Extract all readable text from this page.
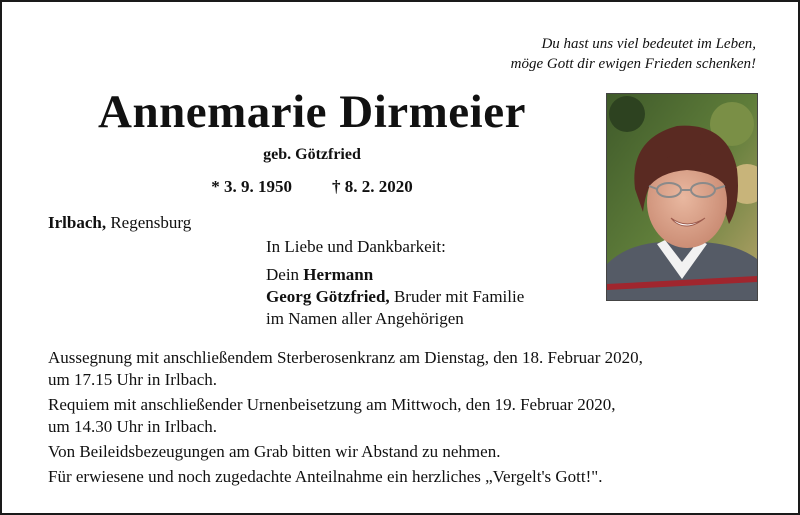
Du hast uns viel bedeutet im Leben,
möge Gott dir ewigen Frieden schenken!
Annemarie Dirmeier
geb. Götzfried
* 3. 9. 1950 † 8. 2. 2020
Irlbach, Regensburg
In Liebe und Dankbarkeit:
Dein Hermann
Georg Götzfried, Bruder mit Familie
im Namen aller Angehörigen

Aussegnung mit anschließendem Sterberosenkranz am Dienstag, den 18. Februar 2020,
um 17.15 Uhr in Irlbach.

Requiem mit anschließender Urnenbeisetzung am Mittwoch, den 19. Februar 2020,
um 14.30 Uhr in Irlbach.

Von Beileidsbezeugungen am Grab bitten wir Abstand zu nehmen.

Für erwiesene und noch zugedachte Anteilnahme ein herzliches „Vergelt's Gott!".
